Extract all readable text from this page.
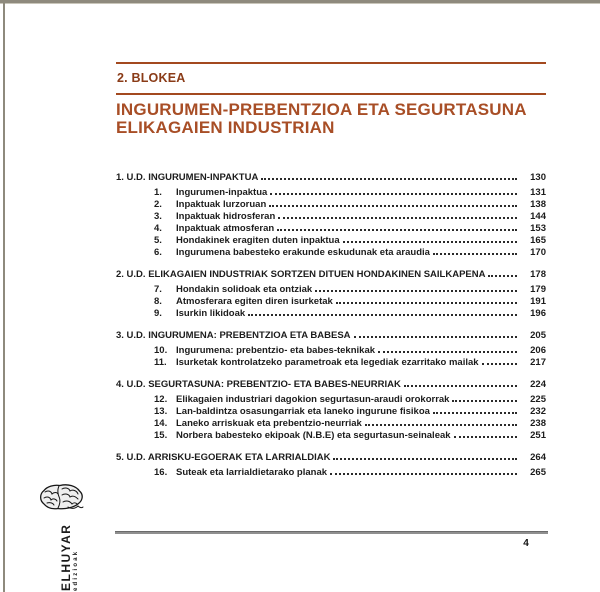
2. BLOKEA
INGURUMEN-PREBENTZIOA ETA SEGURTASUNA ELIKAGAIEN INDUSTRIAN
1. U.D. INGURUMEN-INPAKTUA	130
1.	Ingurumen-inpaktua	131
2.	Inpaktuak lurzoruan	138
3.	Inpaktuak hidrosferan	144
4.	Inpaktuak atmosferan	153
5.	Hondakinek eragiten duten inpaktua	165
6.	Ingurumena babesteko erakunde eskudunak eta araudia	170
2. U.D. ELIKAGAIEN INDUSTRIAK SORTZEN DITUEN HONDAKINEN SAILKAPENA	178
7.	Hondakin solidoak eta ontziak	179
8.	Atmosferara egiten diren isurketak	191
9.	Isurkin likidoak	196
3. U.D. INGURUMENA: PREBENTZIOA ETA BABESA	205
10. Ingurumena: prebentzio- eta babes-teknikak	206
11. Isurketak kontrolatzeko parametroak eta legediak ezarritako mailak	217
4. U.D. SEGURTASUNA: PREBENTZIO- ETA BABES-NEURRIAK	224
12. Elikagaien industriari dagokion segurtasun-araudi orokorrak	225
13. Lan-baldintza osasungarriak eta laneko ingurune fisikoa	232
14. Laneko arriskuak eta prebentzio-neurriak	238
15. Norbera babesteko ekipoak (N.B.E) eta segurtasun-seinaleak	251
5. U.D. ARRISKU-EGOERAK ETA LARRIALDIAK	264
16. Suteak eta larrialdietarako planak	265
ELHUYAR edizioak
4
